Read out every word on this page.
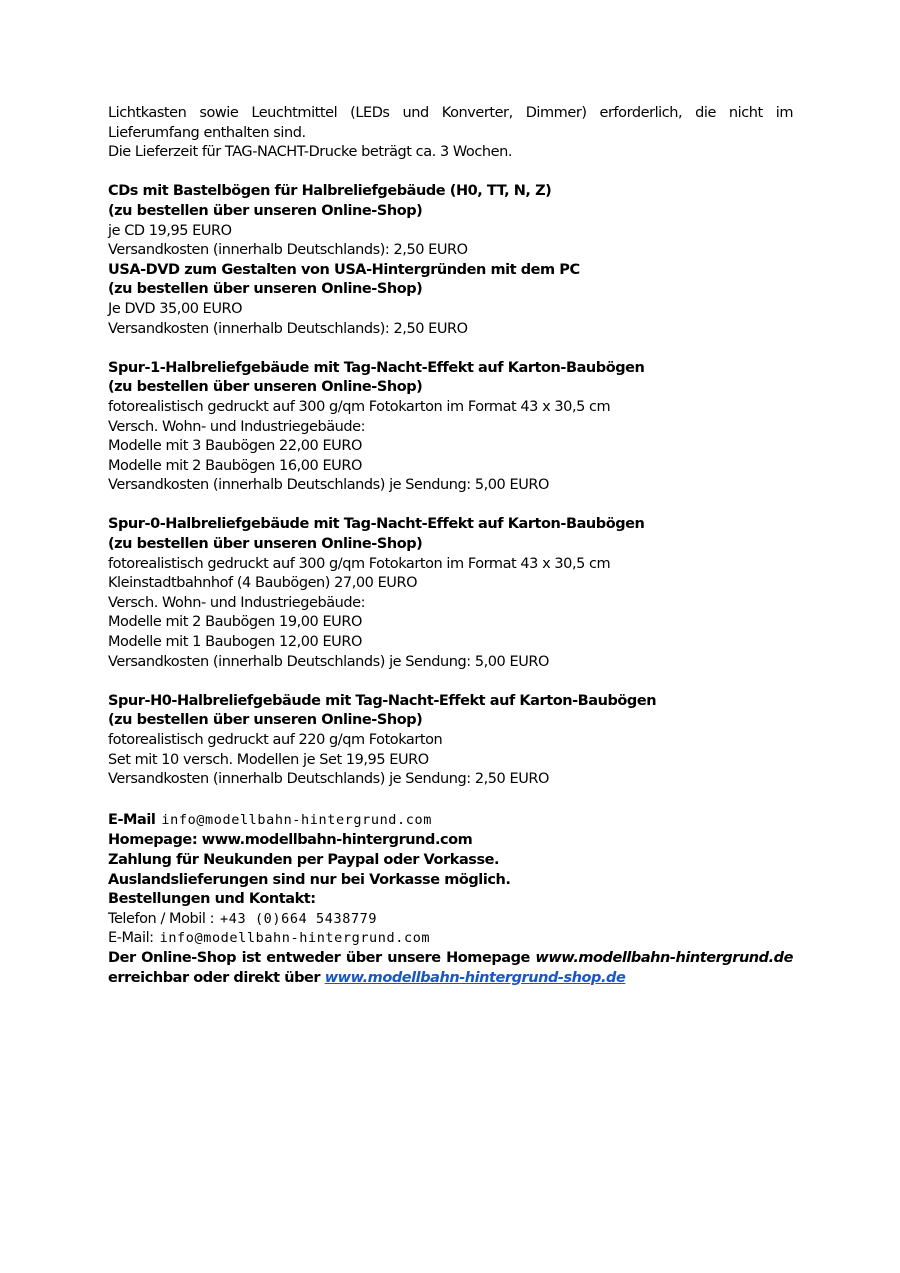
Lichtkasten sowie Leuchtmittel (LEDs und Konverter, Dimmer) erforderlich, die nicht im
Lieferumfang enthalten sind.
Die Lieferzeit für TAG-NACHT-Drucke beträgt ca. 3 Wochen.
CDs mit Bastelbögen für Halbreliefgebäude (H0, TT, N, Z)
(zu bestellen über unseren Online-Shop)
je CD 19,95 EURO
Versandkosten (innerhalb Deutschlands): 2,50 EURO
USA-DVD zum Gestalten von USA-Hintergründen mit dem PC
(zu bestellen über unseren Online-Shop)
Je DVD 35,00 EURO
Versandkosten (innerhalb Deutschlands): 2,50 EURO
Spur-1-Halbreliefgebäude mit Tag-Nacht-Effekt auf Karton-Baubögen
(zu bestellen über unseren Online-Shop)
fotorealistisch gedruckt auf 300 g/qm Fotokarton im Format 43 x 30,5 cm
Versch. Wohn- und Industriegebäude:
Modelle mit 3 Baubögen 22,00 EURO
Modelle mit 2 Baubögen 16,00 EURO
Versandkosten (innerhalb Deutschlands) je Sendung: 5,00 EURO
Spur-0-Halbreliefgebäude mit Tag-Nacht-Effekt auf Karton-Baubögen
(zu bestellen über unseren Online-Shop)
fotorealistisch gedruckt auf 300 g/qm Fotokarton im Format 43 x 30,5 cm
Kleinstadtbahnhof (4 Baubögen) 27,00 EURO
Versch. Wohn- und Industriegebäude:
Modelle mit 2 Baubögen 19,00 EURO
Modelle mit 1 Baubogen 12,00 EURO
Versandkosten (innerhalb Deutschlands) je Sendung: 5,00 EURO
Spur-H0-Halbreliefgebäude mit Tag-Nacht-Effekt auf Karton-Baubögen
(zu bestellen über unseren Online-Shop)
fotorealistisch gedruckt auf 220 g/qm Fotokarton
Set mit 10 versch. Modellen je Set 19,95 EURO
Versandkosten (innerhalb Deutschlands) je Sendung: 2,50 EURO
E-Mail info@modellbahn-hintergrund.com
Homepage: www.modellbahn-hintergrund.com
Zahlung für Neukunden per Paypal oder Vorkasse.
Auslandslieferungen sind nur bei Vorkasse möglich.
Bestellungen und Kontakt:
Telefon / Mobil : +43 (0)664 5438779
E-Mail: info@modellbahn-hintergrund.com
Der Online-Shop ist entweder über unsere Homepage www.modellbahn-hintergrund.de
erreichbar oder direkt über www.modellbahn-hintergrund-shop.de
